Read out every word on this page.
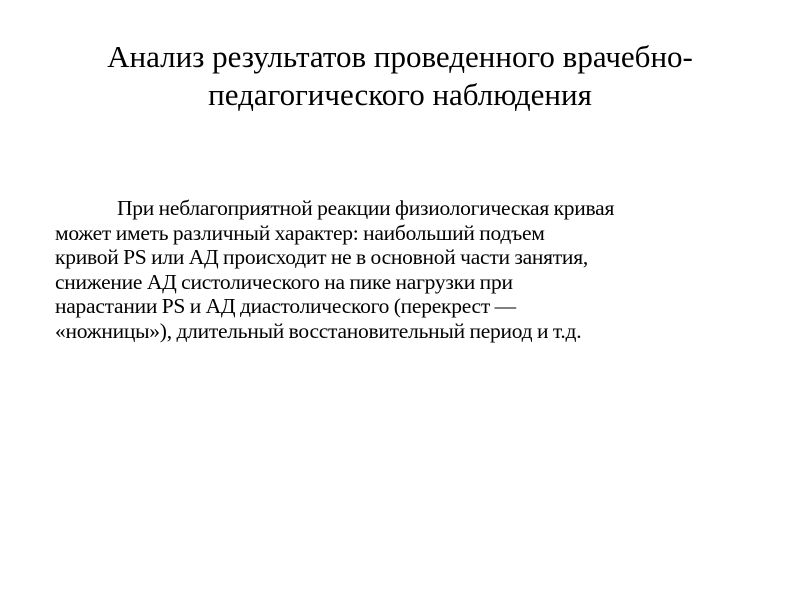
Анализ результатов проведенного врачебно-
педагогического наблюдения

При неблагоприятной реакции физиологическая кривая
может иметь различный характер: наибольший подъем
кривой PS или АД происходит не в основной части занятия,
снижение АД систолического на пике нагрузки при
нарастании PS и АД диастолического (перекрест —
«ножницы»), длительный восстановительный период и т.д.
